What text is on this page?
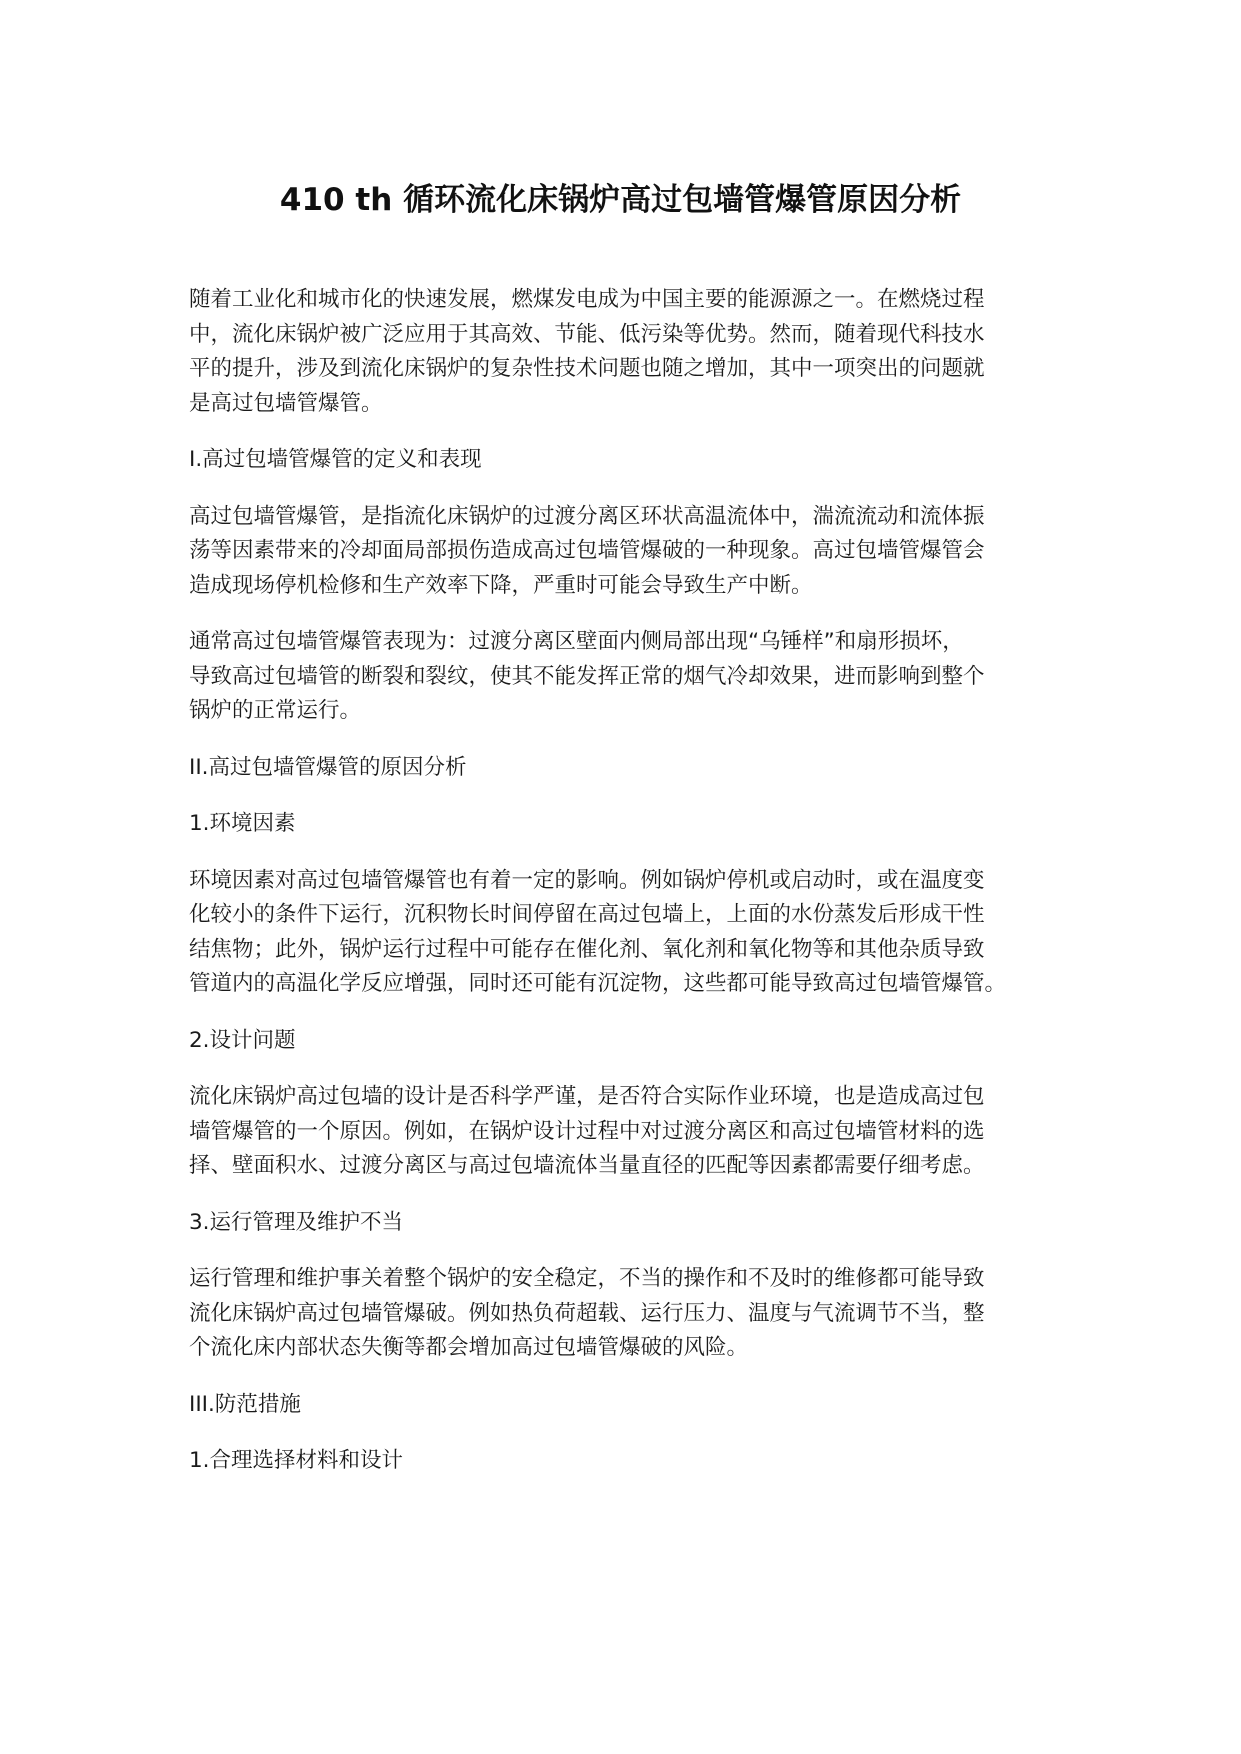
410 th 循环流化床锅炉高过包墙管爆管原因分析
随着工业化和城市化的快速发展，燃煤发电成为中国主要的能源源之一。在燃烧过程
中，流化床锅炉被广泛应用于其高效、节能、低污染等优势。然而，随着现代科技水
平的提升，涉及到流化床锅炉的复杂性技术问题也随之增加，其中一项突出的问题就
是高过包墙管爆管。
I.高过包墙管爆管的定义和表现
高过包墙管爆管，是指流化床锅炉的过渡分离区环状高温流体中，湍流流动和流体振
荡等因素带来的冷却面局部损伤造成高过包墙管爆破的一种现象。高过包墙管爆管会
造成现场停机检修和生产效率下降，严重时可能会导致生产中断。
通常高过包墙管爆管表现为：过渡分离区壁面内侧局部出现“乌锤样”和扇形损坏，
导致高过包墙管的断裂和裂纹，使其不能发挥正常的烟气冷却效果，进而影响到整个
锅炉的正常运行。
II.高过包墙管爆管的原因分析
1.环境因素
环境因素对高过包墙管爆管也有着一定的影响。例如锅炉停机或启动时，或在温度变
化较小的条件下运行，沉积物长时间停留在高过包墙上，上面的水份蒸发后形成干性
结焦物；此外，锅炉运行过程中可能存在催化剂、氧化剂和氧化物等和其他杂质导致
管道内的高温化学反应增强，同时还可能有沉淀物，这些都可能导致高过包墙管爆管。
2.设计问题
流化床锅炉高过包墙的设计是否科学严谨，是否符合实际作业环境，也是造成高过包
墙管爆管的一个原因。例如，在锅炉设计过程中对过渡分离区和高过包墙管材料的选
择、壁面积水、过渡分离区与高过包墙流体当量直径的匹配等因素都需要仔细考虑。
3.运行管理及维护不当
运行管理和维护事关着整个锅炉的安全稳定，不当的操作和不及时的维修都可能导致
流化床锅炉高过包墙管爆破。例如热负荷超载、运行压力、温度与气流调节不当，整
个流化床内部状态失衡等都会增加高过包墙管爆破的风险。
III.防范措施
1.合理选择材料和设计
